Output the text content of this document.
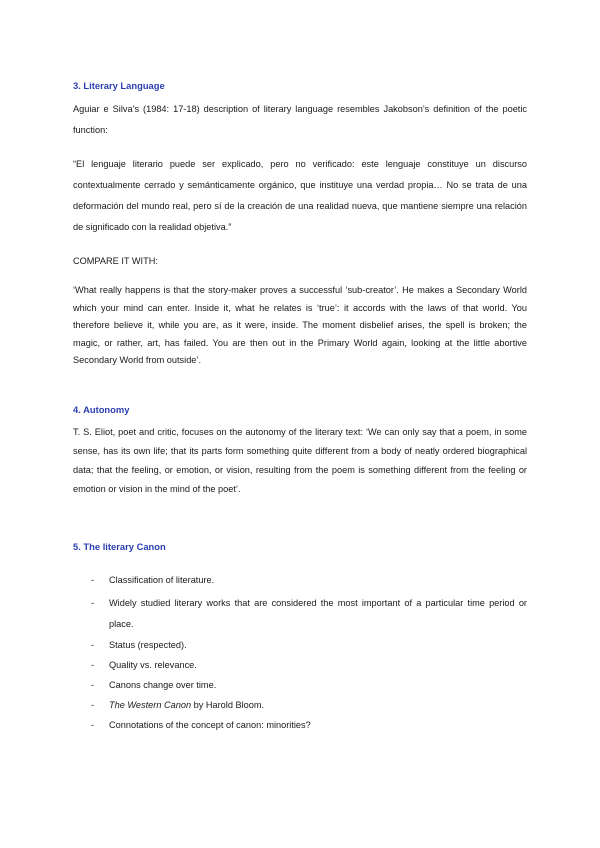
3. Literary Language

Aguiar e Silva’s (1984: 17-18) description of literary language resembles Jakobson’s definition of the poetic function:

“El lenguaje literario puede ser explicado, pero no verificado: este lenguaje constituye un discurso contextualmente cerrado y semánticamente orgánico, que instituye una verdad propia… No se trata de una deformación del mundo real, pero sí de la creación de una realidad nueva, que mantiene siempre una relación de significado con la realidad objetiva.”

COMPARE IT WITH:

‘What really happens is that the story-maker proves a successful ‘sub-creator’. He makes a Secondary World which your mind can enter. Inside it, what he relates is ‘true’: it accords with the laws of that world. You therefore believe it, while you are, as it were, inside. The moment disbelief arises, the spell is broken; the magic, or rather, art, has failed. You are then out in the Primary World again, looking at the little abortive Secondary World from outside’.

4. Autonomy

T. S. Eliot, poet and critic, focuses on the autonomy of the literary text: ‘We can only say that a poem, in some sense, has its own life; that its parts form something quite different from a body of neatly ordered biographical data; that the feeling, or emotion, or vision, resulting from the poem is something different from the feeling or emotion or vision in the mind of the poet’.

5. The literary Canon
- Classification of literature.
- Widely studied literary works that are considered the most important of a particular time period or place.
- Status (respected).
- Quality vs. relevance.
- Canons change over time.
- The Western Canon by Harold Bloom.
- Connotations of the concept of canon: minorities?
